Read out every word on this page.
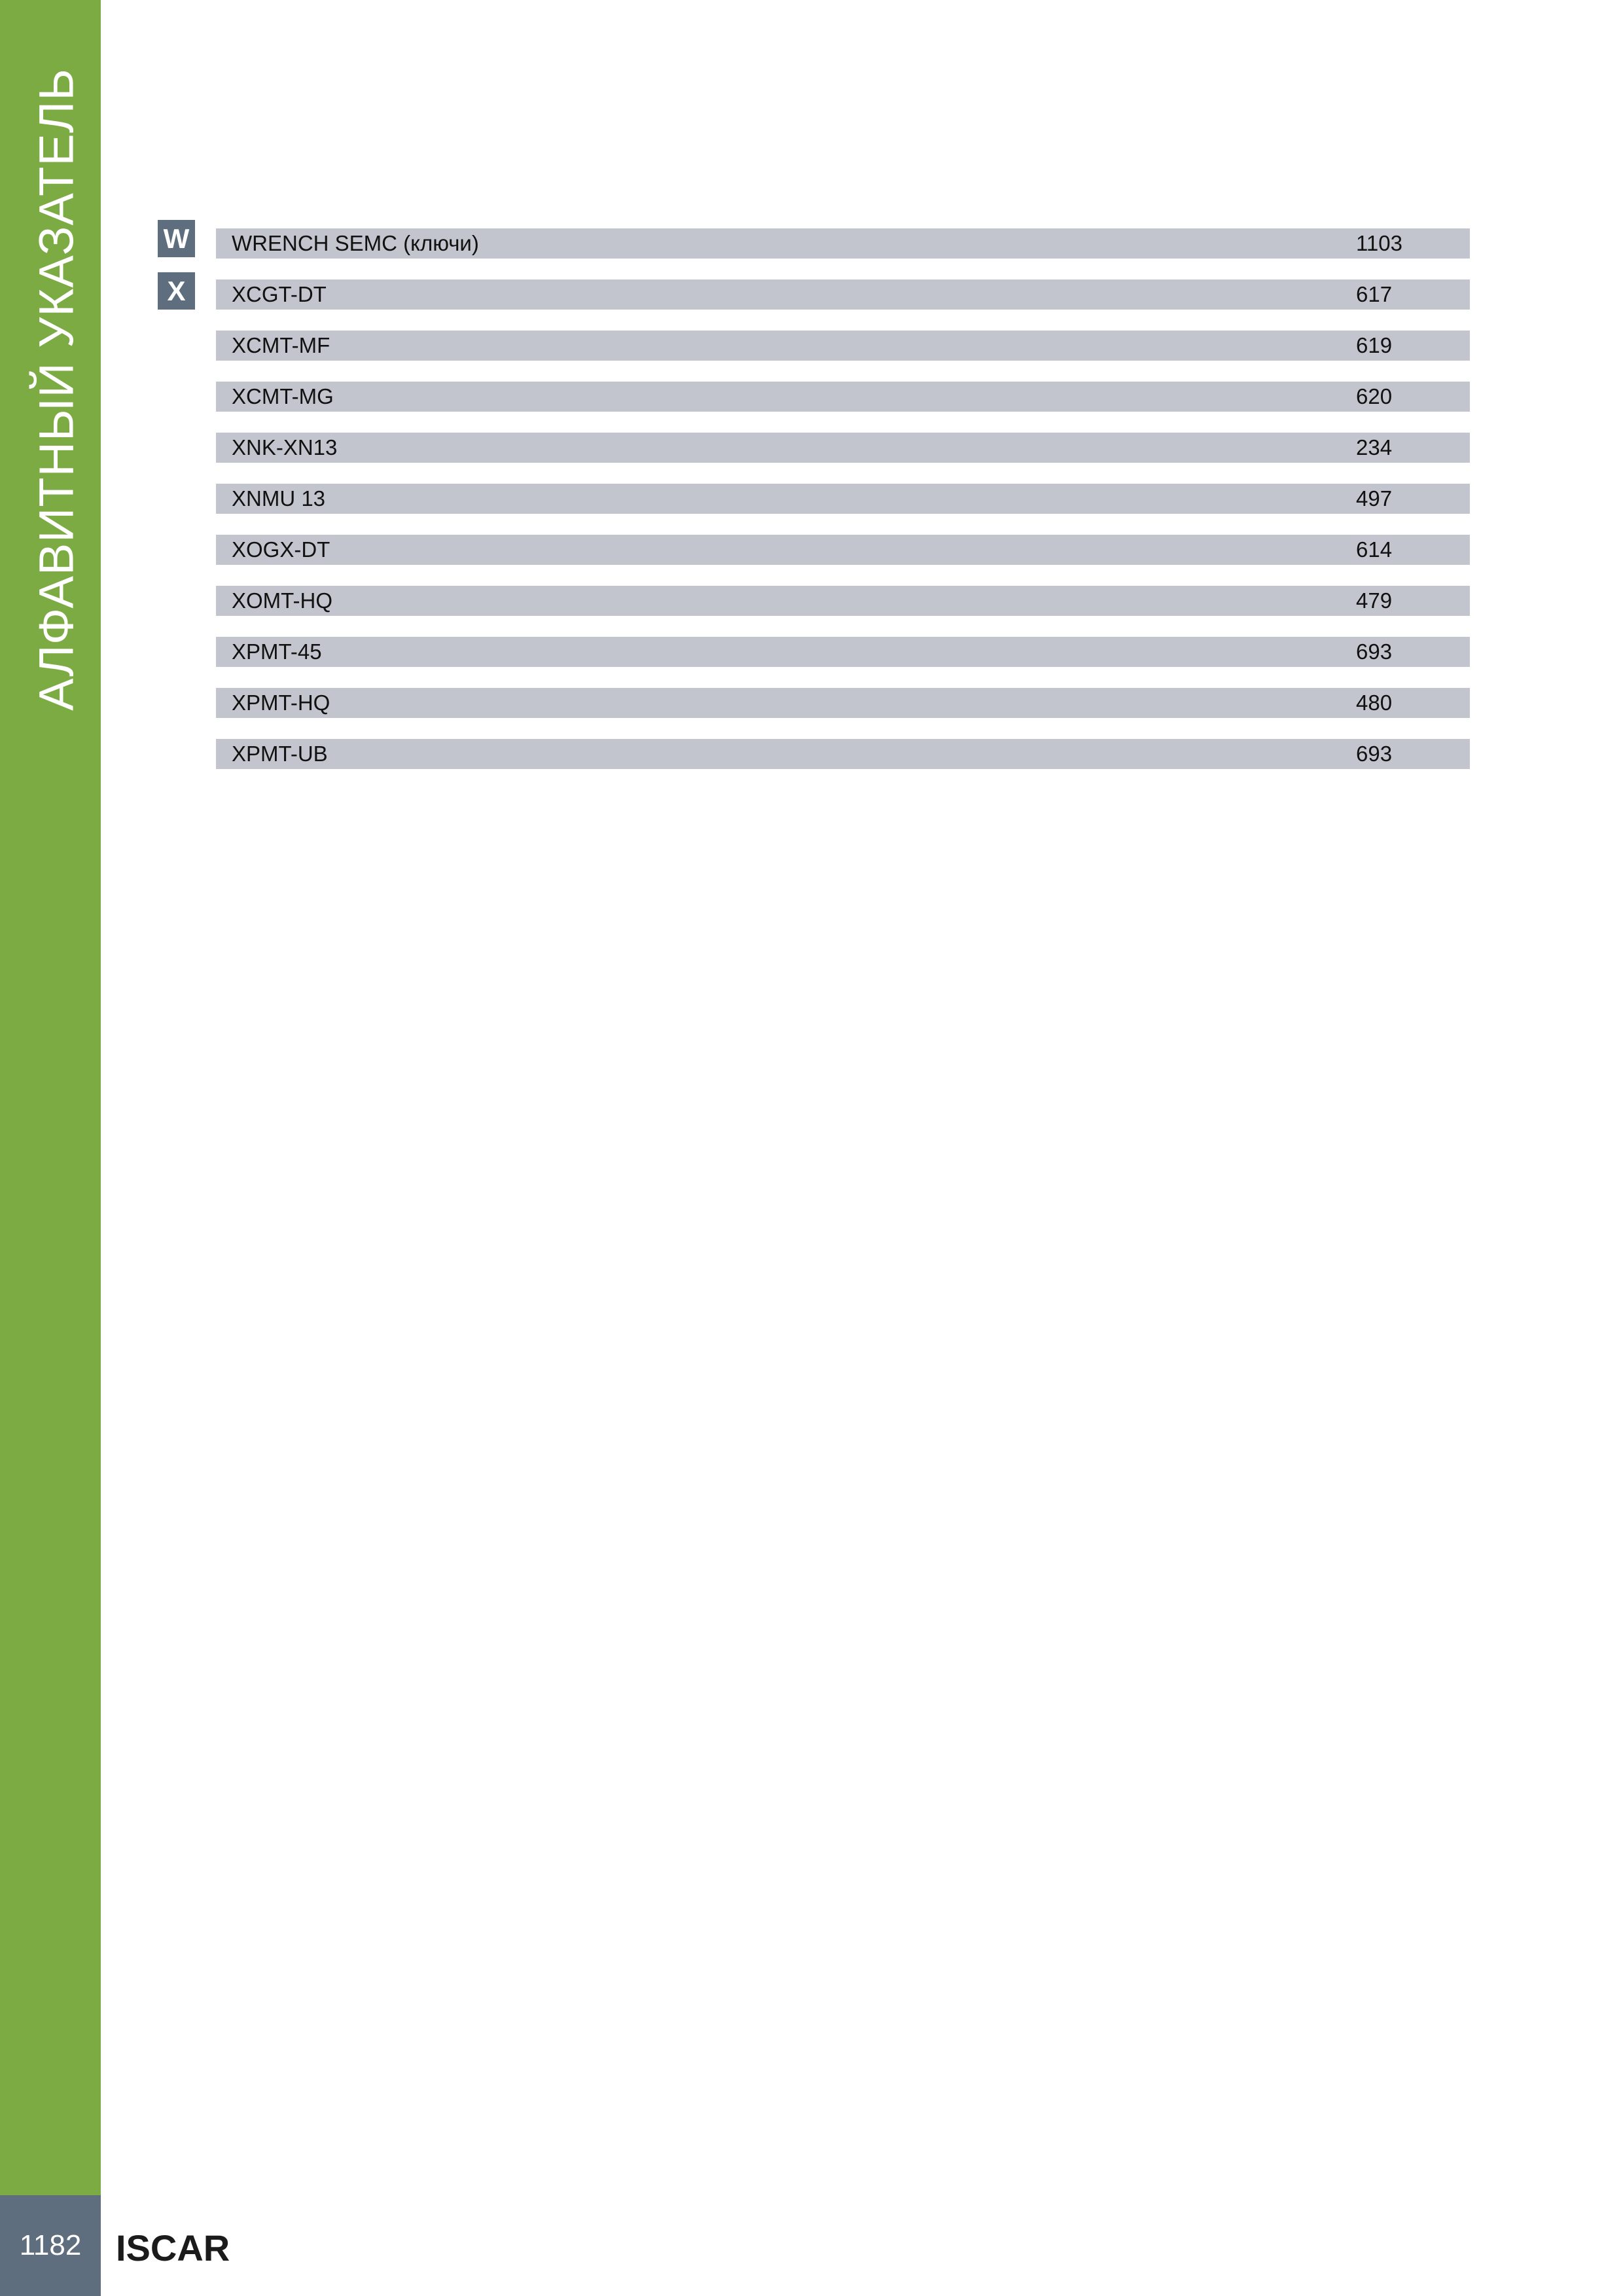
АЛФАВИТНЫЙ УКАЗАТЕЛЬ
1182 ISCAR
W
X
WRENCH SEMC (ключи)	1103
XCGT-DT	617
XCMT-MF	619
XCMT-MG	620
XNK-XN13	234
XNMU 13	497
XOGX-DT	614
XOMT-HQ	479
XPMT-45	693
XPMT-HQ	480
XPMT-UB	693
